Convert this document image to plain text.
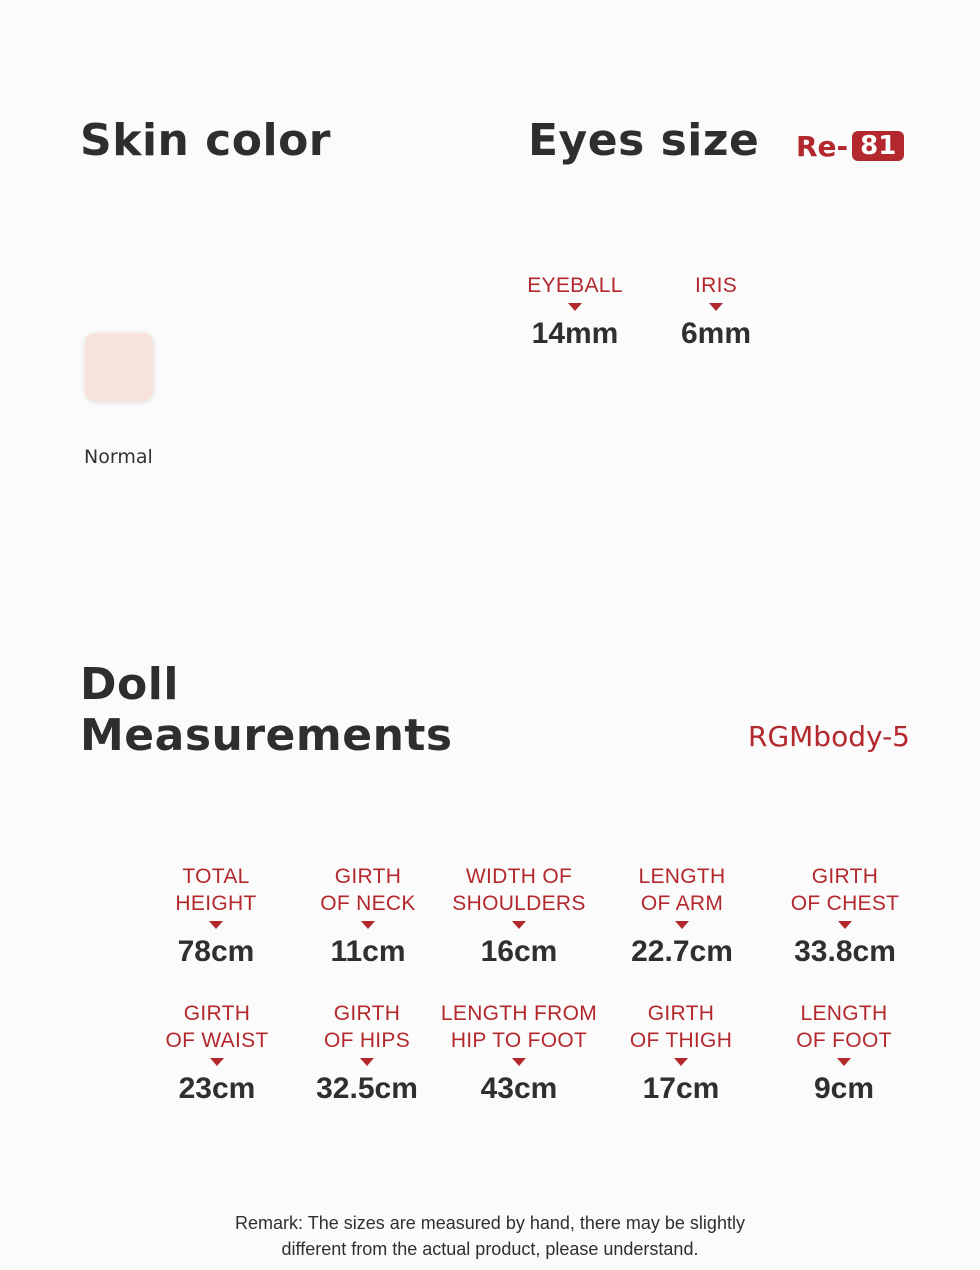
Skin color
Normal
Eyes size Re- 81
EYEBALL
14mm
IRIS
6mm
Doll
Measurements	RGMbody-5
TOTAL
HEIGHT
78cm
GIRTH
OF NECK
11cm
WIDTH OF
SHOULDERS
16cm
LENGTH
OF ARM
22.7cm
GIRTH
OF CHEST
33.8cm
GIRTH
OF WAIST
23cm
GIRTH
OF HIPS
32.5cm
LENGTH FROM
HIP TO FOOT
43cm
GIRTH
OF THIGH
17cm
LENGTH
OF FOOT
9cm
Remark: The sizes are measured by hand, there may be slightly
different from the actual product, please understand.
